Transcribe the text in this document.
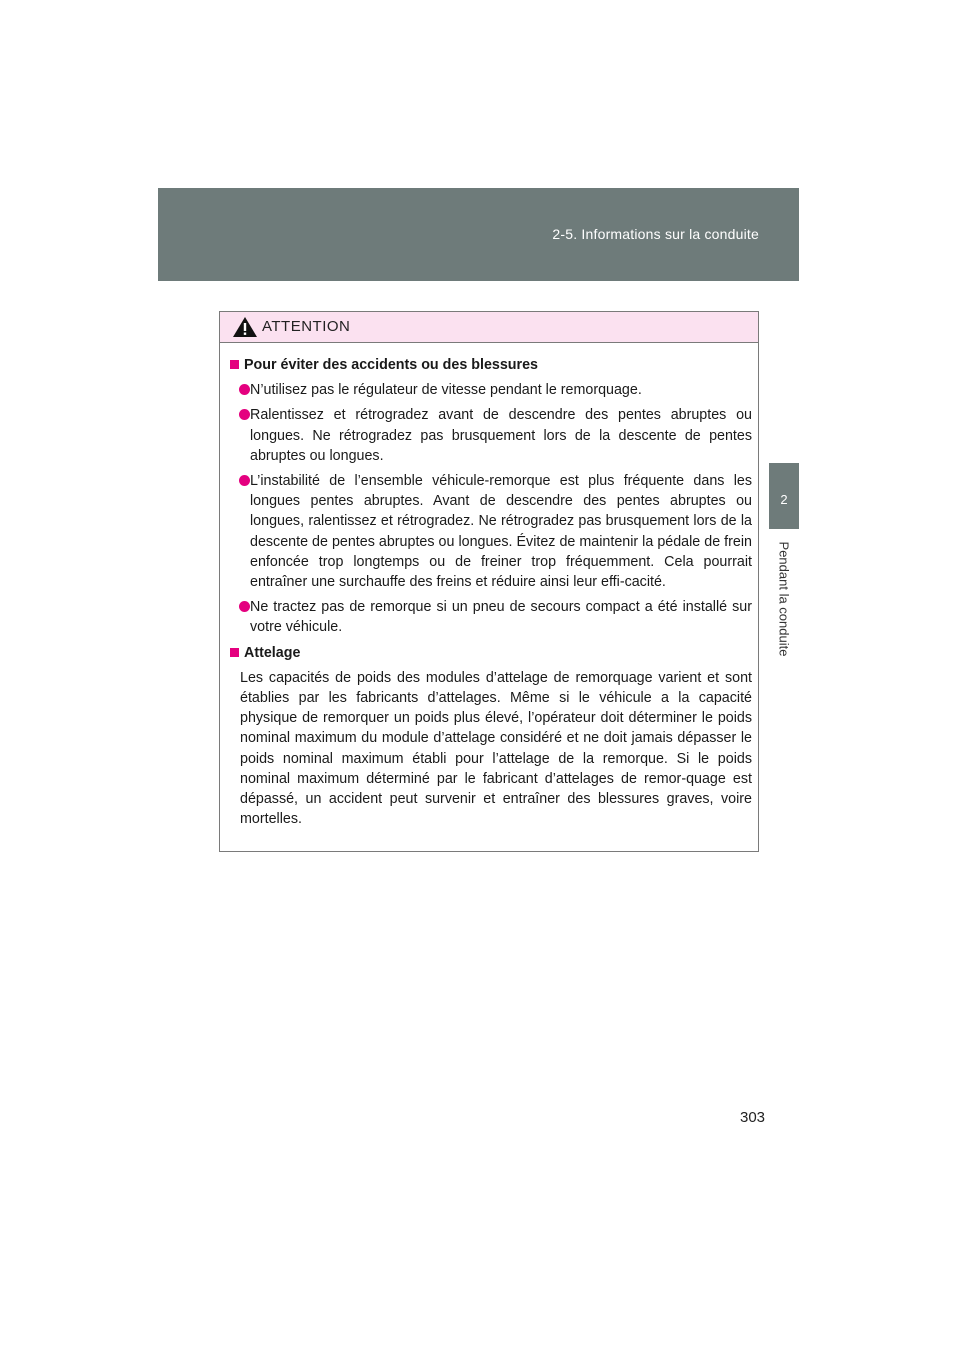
2-5. Informations sur la conduite
2
Pendant la conduite
ATTENTION
Pour éviter des accidents ou des blessures
N’utilisez pas le régulateur de vitesse pendant le remorquage.
Ralentissez et rétrogradez avant de descendre des pentes abruptes ou longues. Ne rétrogradez pas brusquement lors de la descente de pentes abruptes ou longues.
L’instabilité de l’ensemble véhicule-remorque est plus fréquente dans les longues pentes abruptes. Avant de descendre des pentes abruptes ou longues, ralentissez et rétrogradez. Ne rétrogradez pas brusquement lors de la descente de pentes abruptes ou longues. Évitez de maintenir la pédale de frein enfoncée trop longtemps ou de freiner trop fréquemment. Cela pourrait entraîner une surchauffe des freins et réduire ainsi leur effi-cacité.
Ne tractez pas de remorque si un pneu de secours compact a été installé sur votre véhicule.
Attelage
Les capacités de poids des modules d’attelage de remorquage varient et sont établies par les fabricants d’attelages. Même si le véhicule a la capacité physique de remorquer un poids plus élevé, l’opérateur doit déterminer le poids nominal maximum du module d’attelage considéré et ne doit jamais dépasser le poids nominal maximum établi pour l’attelage de la remorque. Si le poids nominal maximum déterminé par le fabricant d’attelages de remor-quage est dépassé, un accident peut survenir et entraîner des blessures graves, voire mortelles.
303
